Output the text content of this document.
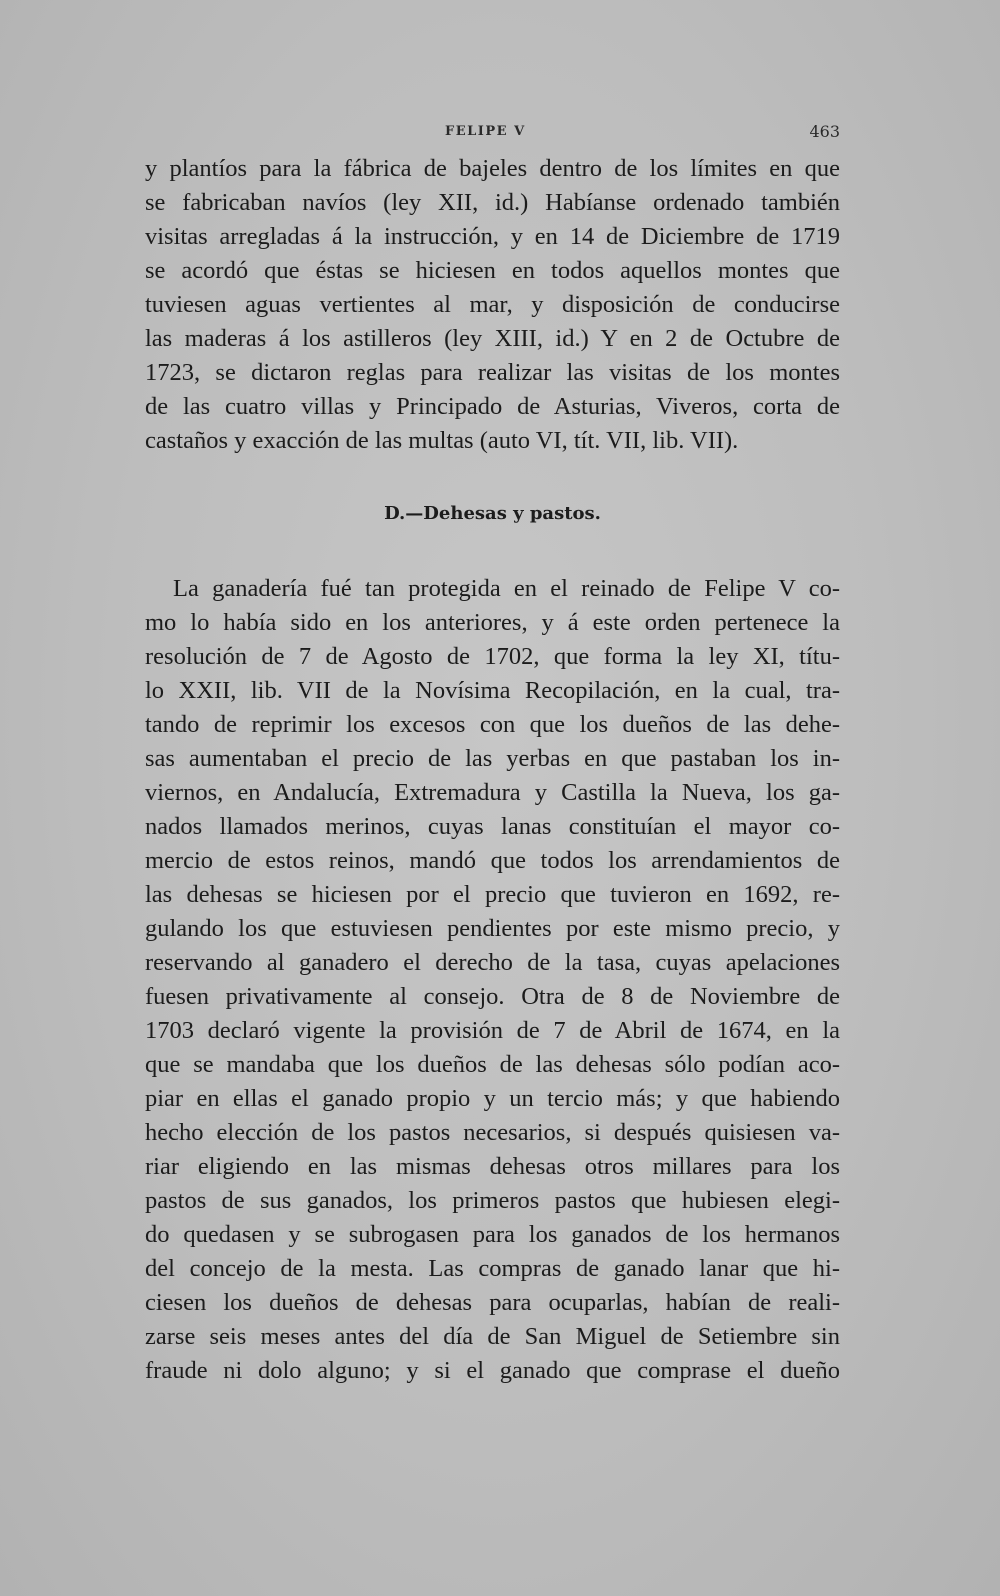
FELIPE V	463
y plantíos para la fábrica de bajeles dentro de los límites en que
se fabricaban navíos (ley XII, id.) Habíanse ordenado también
visitas arregladas á la instrucción, y en 14 de Diciembre de 1719
se acordó que éstas se hiciesen en todos aquellos montes que
tuviesen aguas vertientes al mar, y disposición de conducirse
las maderas á los astilleros (ley XIII, id.) Y en 2 de Octubre de
1723, se dictaron reglas para realizar las visitas de los montes
de las cuatro villas y Principado de Asturias, Viveros, corta de
castaños y exacción de las multas (auto VI, tít. VII, lib. VII).
D.—Dehesas y pastos.
La ganadería fué tan protegida en el reinado de Felipe V co-
mo lo había sido en los anteriores, y á este orden pertenece la
resolución de 7 de Agosto de 1702, que forma la ley XI, títu-
lo XXII, lib. VII de la Novísima Recopilación, en la cual, tra-
tando de reprimir los excesos con que los dueños de las dehe-
sas aumentaban el precio de las yerbas en que pastaban los in-
viernos, en Andalucía, Extremadura y Castilla la Nueva, los ga-
nados llamados merinos, cuyas lanas constituían el mayor co-
mercio de estos reinos, mandó que todos los arrendamientos de
las dehesas se hiciesen por el precio que tuvieron en 1692, re-
gulando los que estuviesen pendientes por este mismo precio, y
reservando al ganadero el derecho de la tasa, cuyas apelaciones
fuesen privativamente al consejo. Otra de 8 de Noviembre de
1703 declaró vigente la provisión de 7 de Abril de 1674, en la
que se mandaba que los dueños de las dehesas sólo podían aco-
piar en ellas el ganado propio y un tercio más; y que habiendo
hecho elección de los pastos necesarios, si después quisiesen va-
riar eligiendo en las mismas dehesas otros millares para los
pastos de sus ganados, los primeros pastos que hubiesen elegi-
do quedasen y se subrogasen para los ganados de los hermanos
del concejo de la mesta. Las compras de ganado lanar que hi-
ciesen los dueños de dehesas para ocuparlas, habían de reali-
zarse seis meses antes del día de San Miguel de Setiembre sin
fraude ni dolo alguno; y si el ganado que comprase el dueño
